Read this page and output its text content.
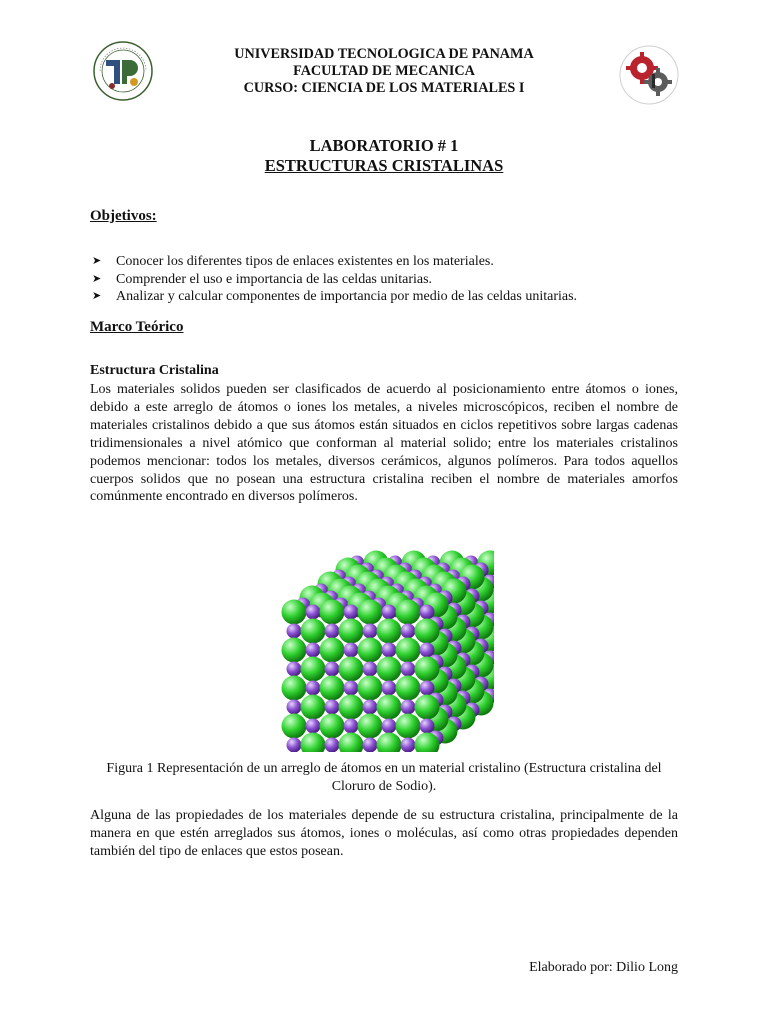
UNIVERSIDAD TECNOLOGICA DE PANAMA
FACULTAD DE MECANICA
CURSO: CIENCIA DE LOS MATERIALES I
LABORATORIO # 1
ESTRUCTURAS CRISTALINAS
Objetivos:
➤ Conocer los diferentes tipos de enlaces existentes en los materiales.
➤ Comprender el uso e importancia de las celdas unitarias.
➤ Analizar y calcular componentes de importancia por medio de las celdas unitarias.
Marco Teórico
Estructura Cristalina

Los materiales solidos pueden ser clasificados de acuerdo al posicionamiento entre átomos o iones, debido a este arreglo de átomos o iones los metales, a niveles microscópicos, reciben el nombre de materiales cristalinos debido a que sus átomos están situados en ciclos repetitivos sobre largas cadenas tridimensionales a nivel atómico que conforman al material solido; entre los materiales cristalinos podemos mencionar: todos los metales, diversos cerámicos, algunos polímeros. Para todos aquellos cuerpos solidos que no posean una estructura cristalina reciben el nombre de materiales amorfos comúnmente encontrado en diversos polímeros.

Figura 1 Representación de un arreglo de átomos en un material cristalino (Estructura cristalina del Cloruro de Sodio).

Alguna de las propiedades de los materiales depende de su estructura cristalina, principalmente de la manera en que estén arreglados sus átomos, iones o moléculas, así como otras propiedades dependen también del tipo de enlaces que estos posean.

Elaborado por: Dilio Long
